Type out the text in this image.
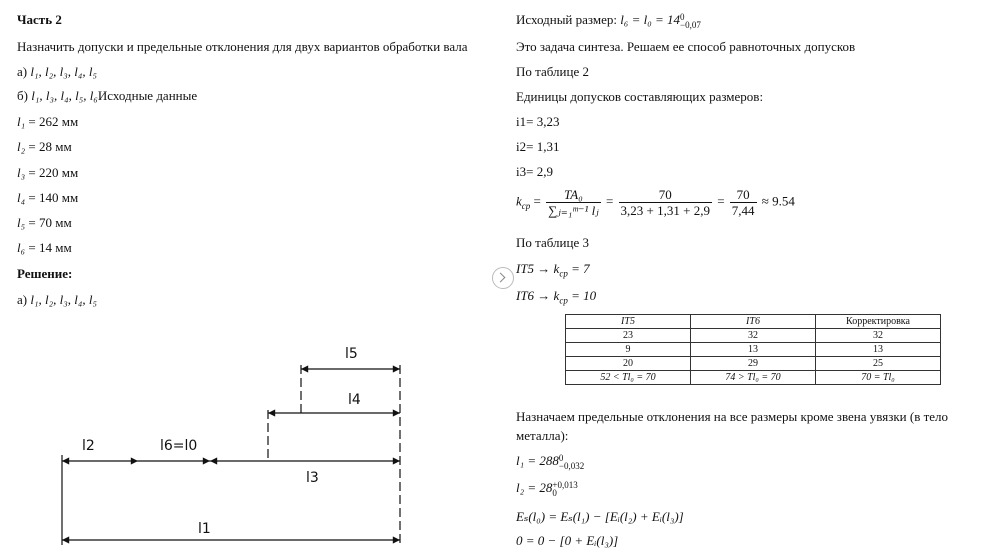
Часть 2
Назначить допуски и предельные отклонения для двух вариантов обработки вала
а) l₁, l₂, l₃, l₄, l₅
б) l₁, l₃, l₄, l₅, l₆Исходные данные
l₁ = 262 мм
l₂ = 28 мм
l₃ = 220 мм
l₄ = 140 мм
l₅ = 70 мм
l₆ = 14 мм
Решение:
а) l₁, l₂, l₃, l₄, l₅
l5
l4
l2	l6=l0
l3
l1
Исходный размер: l₆ = l₀ = 14 0
−0,07
Это задача синтеза. Решаем ее способ равноточных допусков
По таблице 2
Единицы допусков составляющих размеров:
i1= 3,23
i2= 1,31
i3= 2,9
$k_{cp} = \frac{\text{TA₀}}{\text{∑ⱼ₌₁ᵐ⁻¹ lⱼ}} = \frac{70}{3,23 + 1,31 + 2,9} = \frac{70}{7,44} \approx 9.54$
По таблице 3
$IT5 \to k_{cp} = 7$
$IT6 \to k_{cp} = 10$
Назначаем предельные отклонения на все размеры кроме звена увязки (в тело
металла):
l₁ = 288 0
−0,032
l₂ = 28 +0,013
0
Eₛ(l₀) = Eₛ(l₁) − [Eᵢ(l₂) + Eᵢ(l₃)]
0 = 0 − [0 + Eᵢ(l₃)]
IT5	IT6	Корректировка
23	32	32
9	13	13
20	29	25
52 < Tl₀ = 70	74 > Tl₀ = 70	70 = Tl₀
